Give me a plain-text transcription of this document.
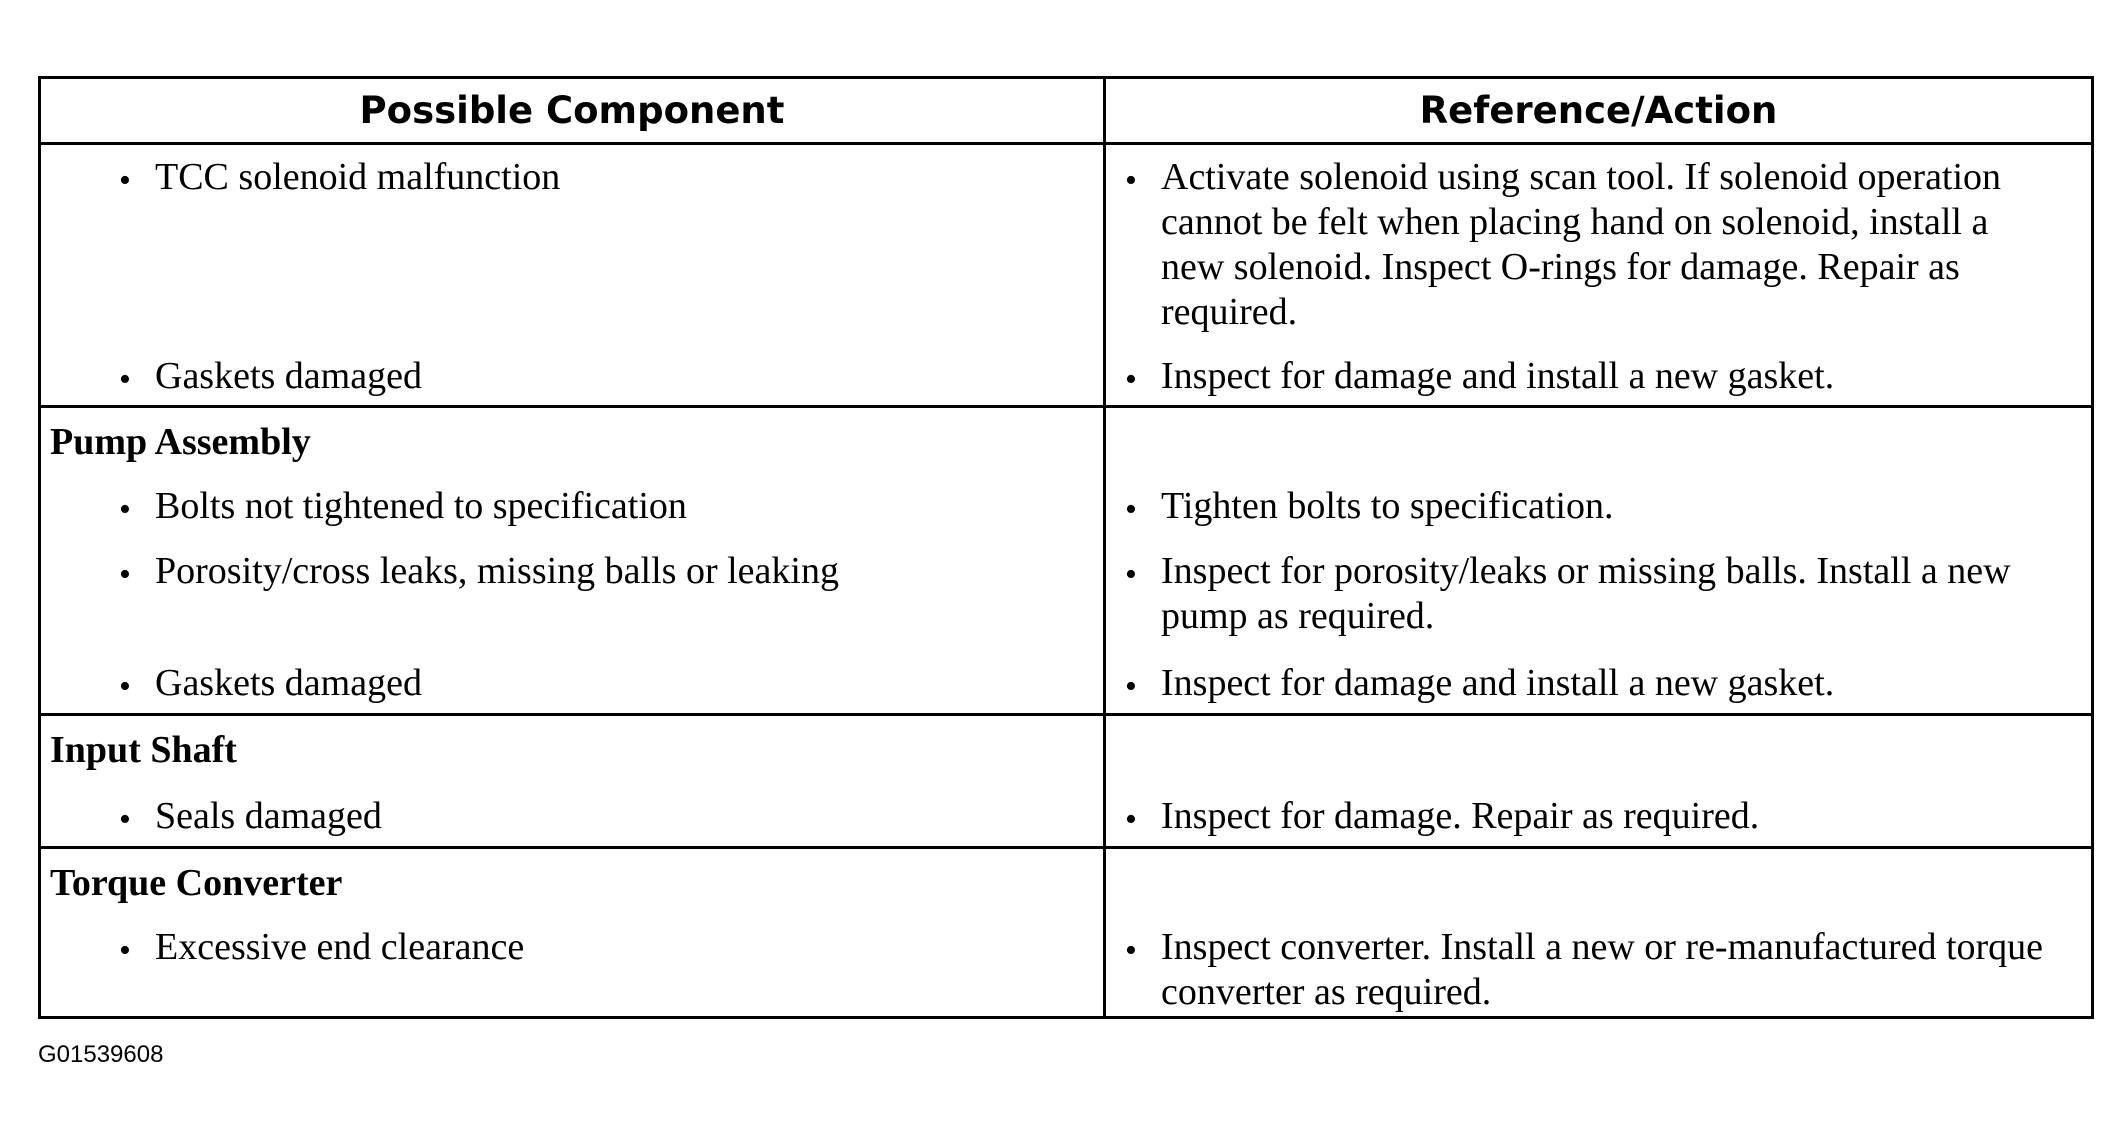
Possible Component	Reference/Action
• TCC solenoid malfunction	• Activate solenoid using scan tool. If solenoid operation cannot be felt when placing hand on solenoid, install a new solenoid. Inspect O-rings for damage. Repair as required.
• Gaskets damaged	• Inspect for damage and install a new gasket.
Pump Assembly
• Bolts not tightened to specification	• Tighten bolts to specification.
• Porosity/cross leaks, missing balls or leaking	• Inspect for porosity/leaks or missing balls. Install a new pump as required.
• Gaskets damaged	• Inspect for damage and install a new gasket.
Input Shaft
• Seals damaged	• Inspect for damage. Repair as required.
Torque Converter
• Excessive end clearance	• Inspect converter. Install a new or re-manufactured torque converter as required.
G01539608
